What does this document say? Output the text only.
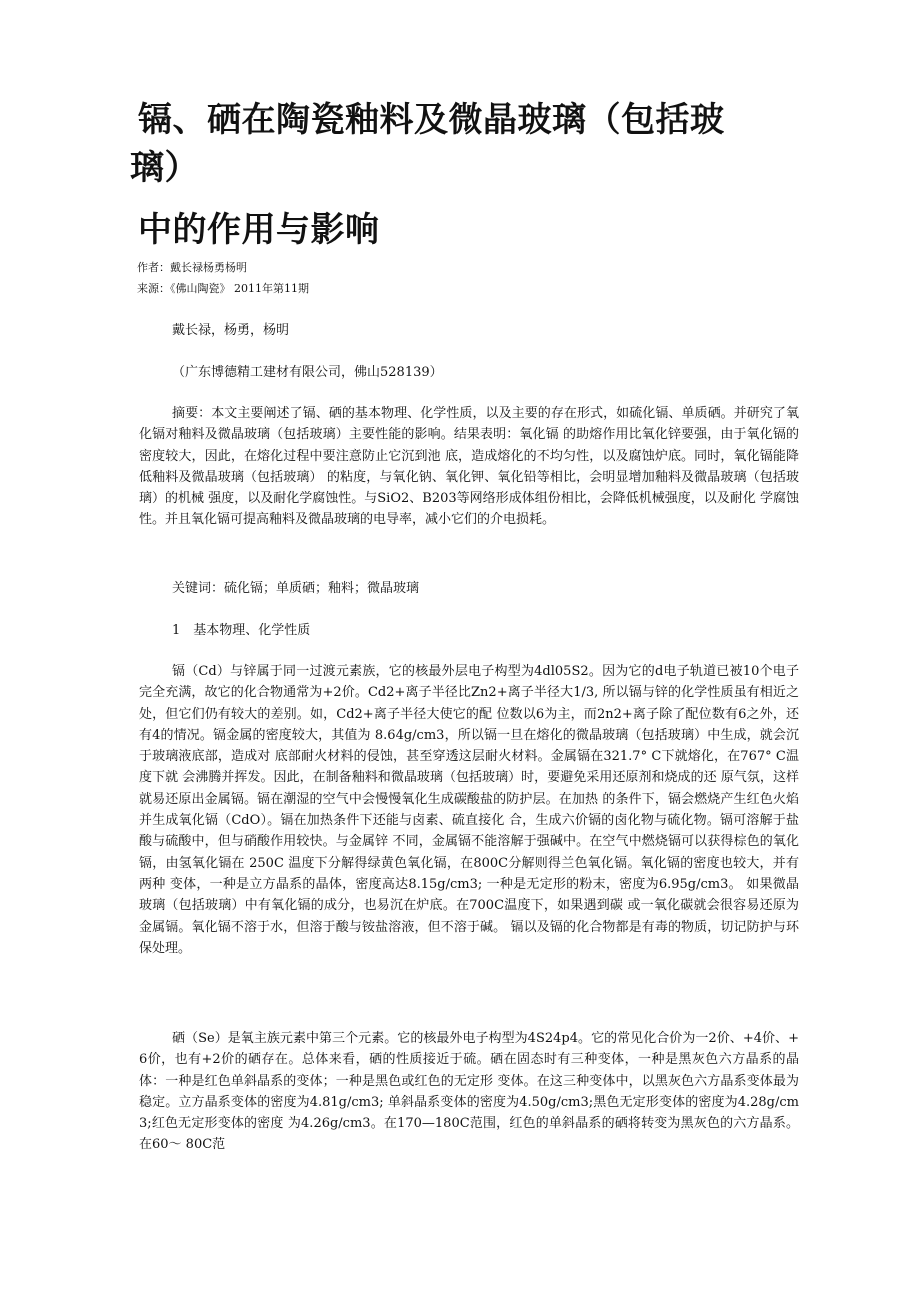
镉、硒在陶瓷釉料及微晶玻璃（包括玻
璃）
中的作用与影响
作者：戴长禄杨勇杨明
来源：《佛山陶瓷》 2011年第11期

戴长禄，杨勇，杨明

（广东博德精工建材有限公司，佛山528139）

摘要：本文主要阐述了镉、硒的基本物理、化学性质，以及主要的存在形式，如硫化镉、单质硒。并研究了氧化镉对釉料及微晶玻璃（包括玻璃）主要性能的影响。结果表明：氧化镉 的助熔作用比氧化锌要强，由于氧化镉的密度较大，因此，在熔化过程中要注意防止它沉到池 底，造成熔化的不均匀性，以及腐蚀炉底。同时，氧化镉能降低釉料及微晶玻璃（包括玻璃） 的粘度，与氧化钠、氧化钾、氧化铅等相比，会明显增加釉料及微晶玻璃（包括玻璃）的机械 强度，以及耐化学腐蚀性。与SiO2、B203等网络形成体组份相比，会降低机械强度，以及耐化 学腐蚀性。并且氧化镉可提高釉料及微晶玻璃的电导率，减小它们的介电损耗。

关键词：硫化镉；单质硒；釉料；微晶玻璃

1　基本物理、化学性质

镉（Cd）与锌属于同一过渡元素族，它的核最外层电子构型为4dl05S2。因为它的d电子轨道已被10个电子完全充满，故它的化合物通常为+2价。Cd2+离子半径比Zn2+离子半径大1/3, 所以镉与锌的化学性质虽有相近之处，但它们仍有较大的差别。如，Cd2+离子半径大使它的配 位数以6为主，而2n2+离子除了配位数有6之外，还有4的情况。镉金属的密度较大，其值为 8.64g/cm3，所以镉一旦在熔化的微晶玻璃（包括玻璃）中生成，就会沉于玻璃液底部，造成对 底部耐火材料的侵蚀，甚至穿透这层耐火材料。金属镉在321.7° C下就熔化，在767° C温度下就 会沸腾并挥发。因此，在制备釉料和微晶玻璃（包括玻璃）时，要避免采用还原剂和烧成的还 原气氛，这样就易还原出金属镉。镉在潮湿的空气中会慢慢氧化生成碳酸盐的防护层。在加热 的条件下，镉会燃烧产生红色火焰并生成氧化镉（CdO）。镉在加热条件下还能与卤素、硫直接化 合，生成六价镉的卤化物与硫化物。镉可溶解于盐酸与硫酸中，但与硝酸作用较快。与金属锌 不同，金属镉不能溶解于强碱中。在空气中燃烧镉可以获得棕色的氧化镉，由氢氧化镉在 250C 温度下分解得绿黄色氧化镉，在800C分解则得兰色氧化镉。氧化镉的密度也较大，并有两种 变体，一种是立方晶系的晶体，密度高达8.15g/cm3; 一种是无定形的粉末，密度为6.95g/cm3。 如果微晶玻璃（包括玻璃）中有氧化镉的成分，也易沉在炉底。在700C温度下，如果遇到碳 或一氧化碳就会很容易还原为金属镉。氧化镉不溶于水，但溶于酸与铵盐溶液，但不溶于碱。 镉以及镉的化合物都是有毒的物质，切记防护与环保处理。

硒（Se）是氧主族元素中第三个元素。它的核最外电子构型为4S24p4。它的常见化合价为一2价、+4价、+6价，也有+2价的硒存在。总体来看，硒的性质接近于硫。硒在固态时有三种变体，一种是黑灰色六方晶系的晶体：一种是红色单斜晶系的变体；一种是黑色或红色的无定形 变体。在这三种变体中，以黑灰色六方晶系变体最为稳定。立方晶系变体的密度为4.81g/cm3; 单斜晶系变体的密度为4.50g/cm3;黑色无定形变体的密度为4.28g/cm3;红色无定形变体的密度 为4.26g/cm3。在170—180C范围，红色的单斜晶系的硒将转变为黑灰色的六方晶系。在60〜 80C范
